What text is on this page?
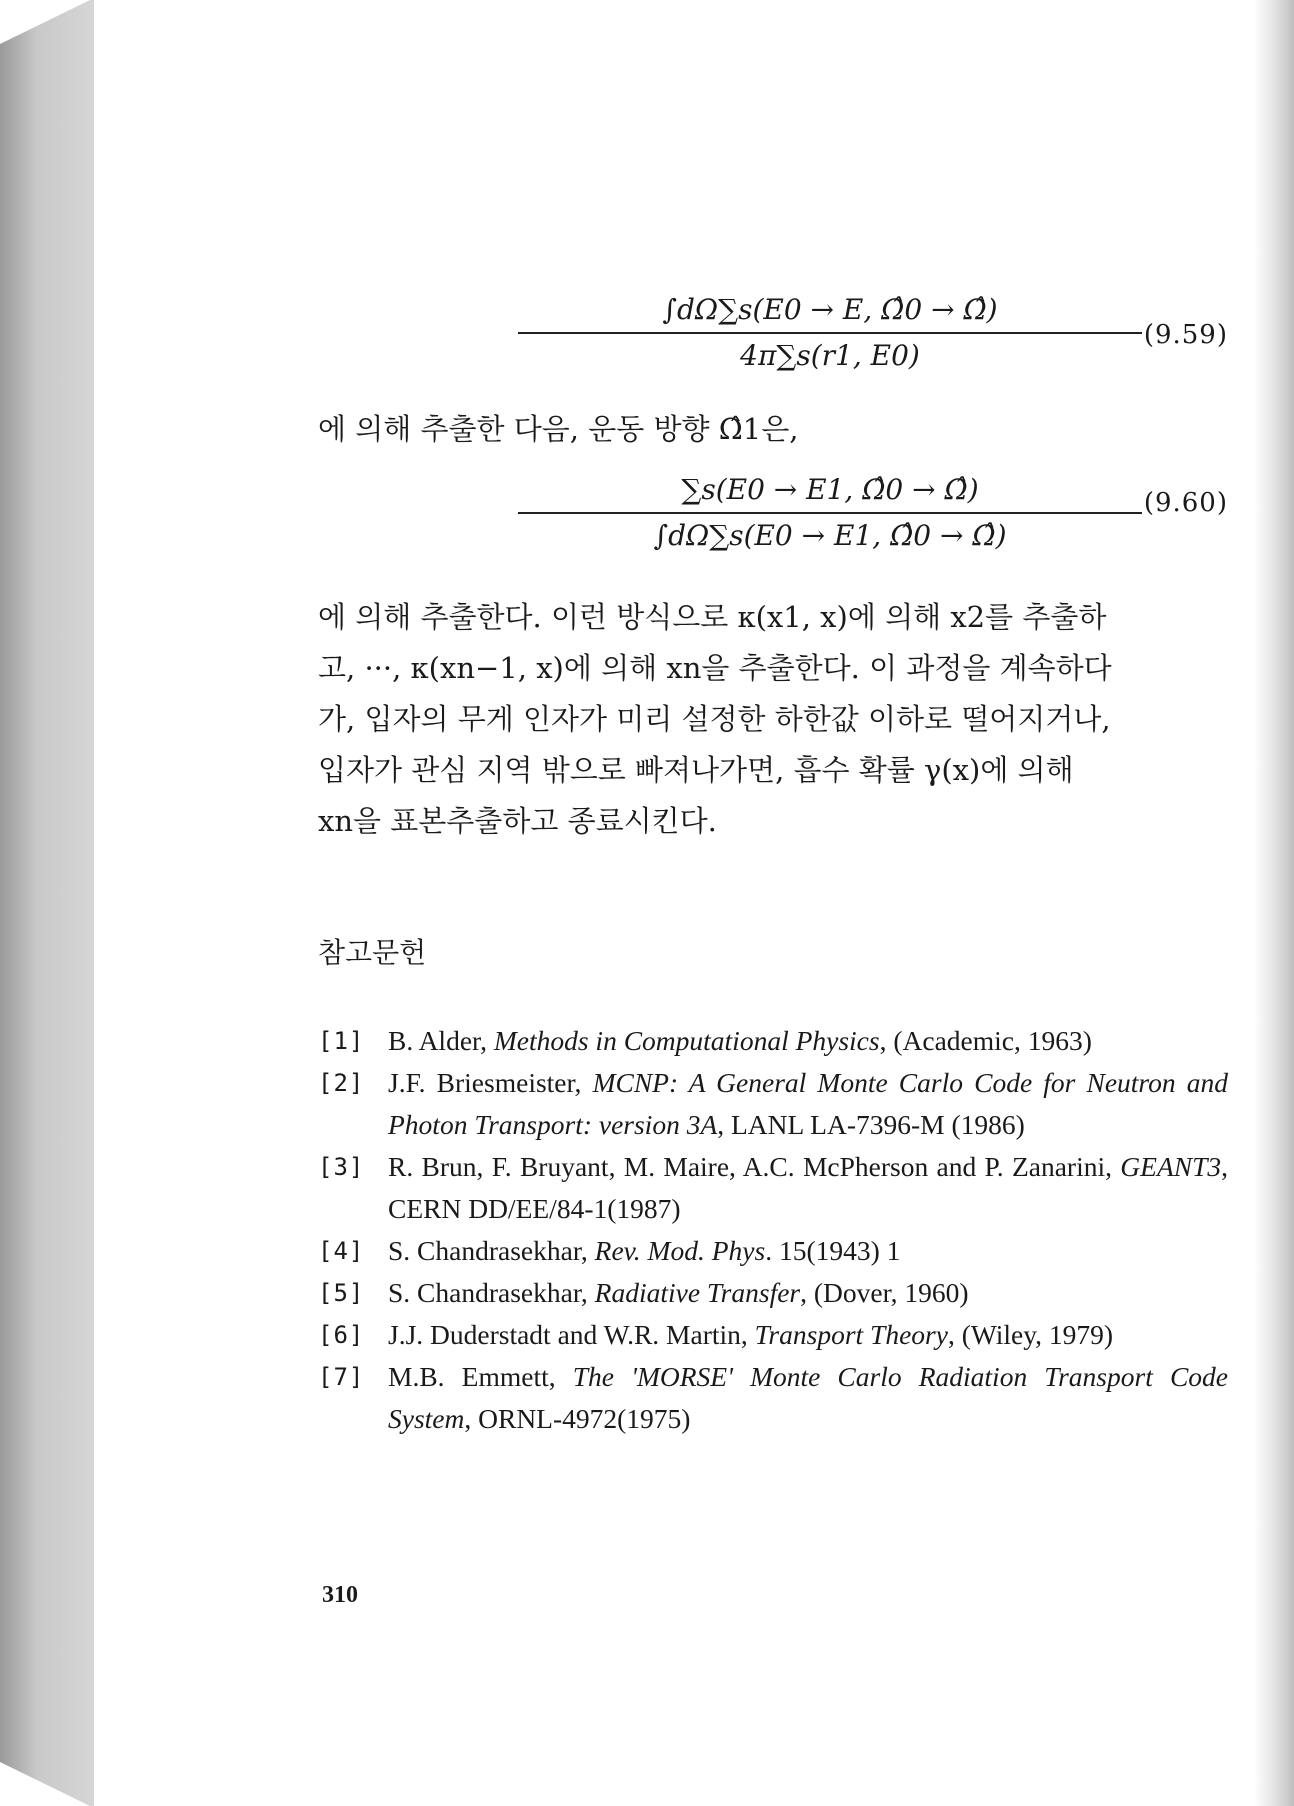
∫dΩ∑s(E0 → E, Ω̂0 → Ω̂)
4π∑s(r1, E0)
(9.59)
에 의해 추출한 다음, 운동 방향 Ω̂1은,
∑s(E0 → E1, Ω̂0 → Ω̂)
∫dΩ∑s(E0 → E1, Ω̂0 → Ω̂)
(9.60)
에 의해 추출한다. 이런 방식으로 κ(x1, x)에 의해 x2를 추출하
고, ···, κ(xn−1, x)에 의해 xn을 추출한다. 이 과정을 계속하다
가, 입자의 무게 인자가 미리 설정한 하한값 이하로 떨어지거나,
입자가 관심 지역 밖으로 빠져나가면, 흡수 확률 γ(x)에 의해
xn을 표본추출하고 종료시킨다.
참고문헌
[1] B. Alder, Methods in Computational Physics, (Academic, 1963)
[2] J.F. Briesmeister, MCNP: A General Monte Carlo Code for Neutron and Photon Transport: version 3A, LANL LA-7396-M (1986)
[3] R. Brun, F. Bruyant, M. Maire, A.C. McPherson and P. Zanarini, GEANT3, CERN DD/EE/84-1(1987)
[4] S. Chandrasekhar, Rev. Mod. Phys. 15(1943) 1
[5] S. Chandrasekhar, Radiative Transfer, (Dover, 1960)
[6] J.J. Duderstadt and W.R. Martin, Transport Theory, (Wiley, 1979)
[7] M.B. Emmett, The 'MORSE' Monte Carlo Radiation Transport Code System, ORNL-4972(1975)
310
